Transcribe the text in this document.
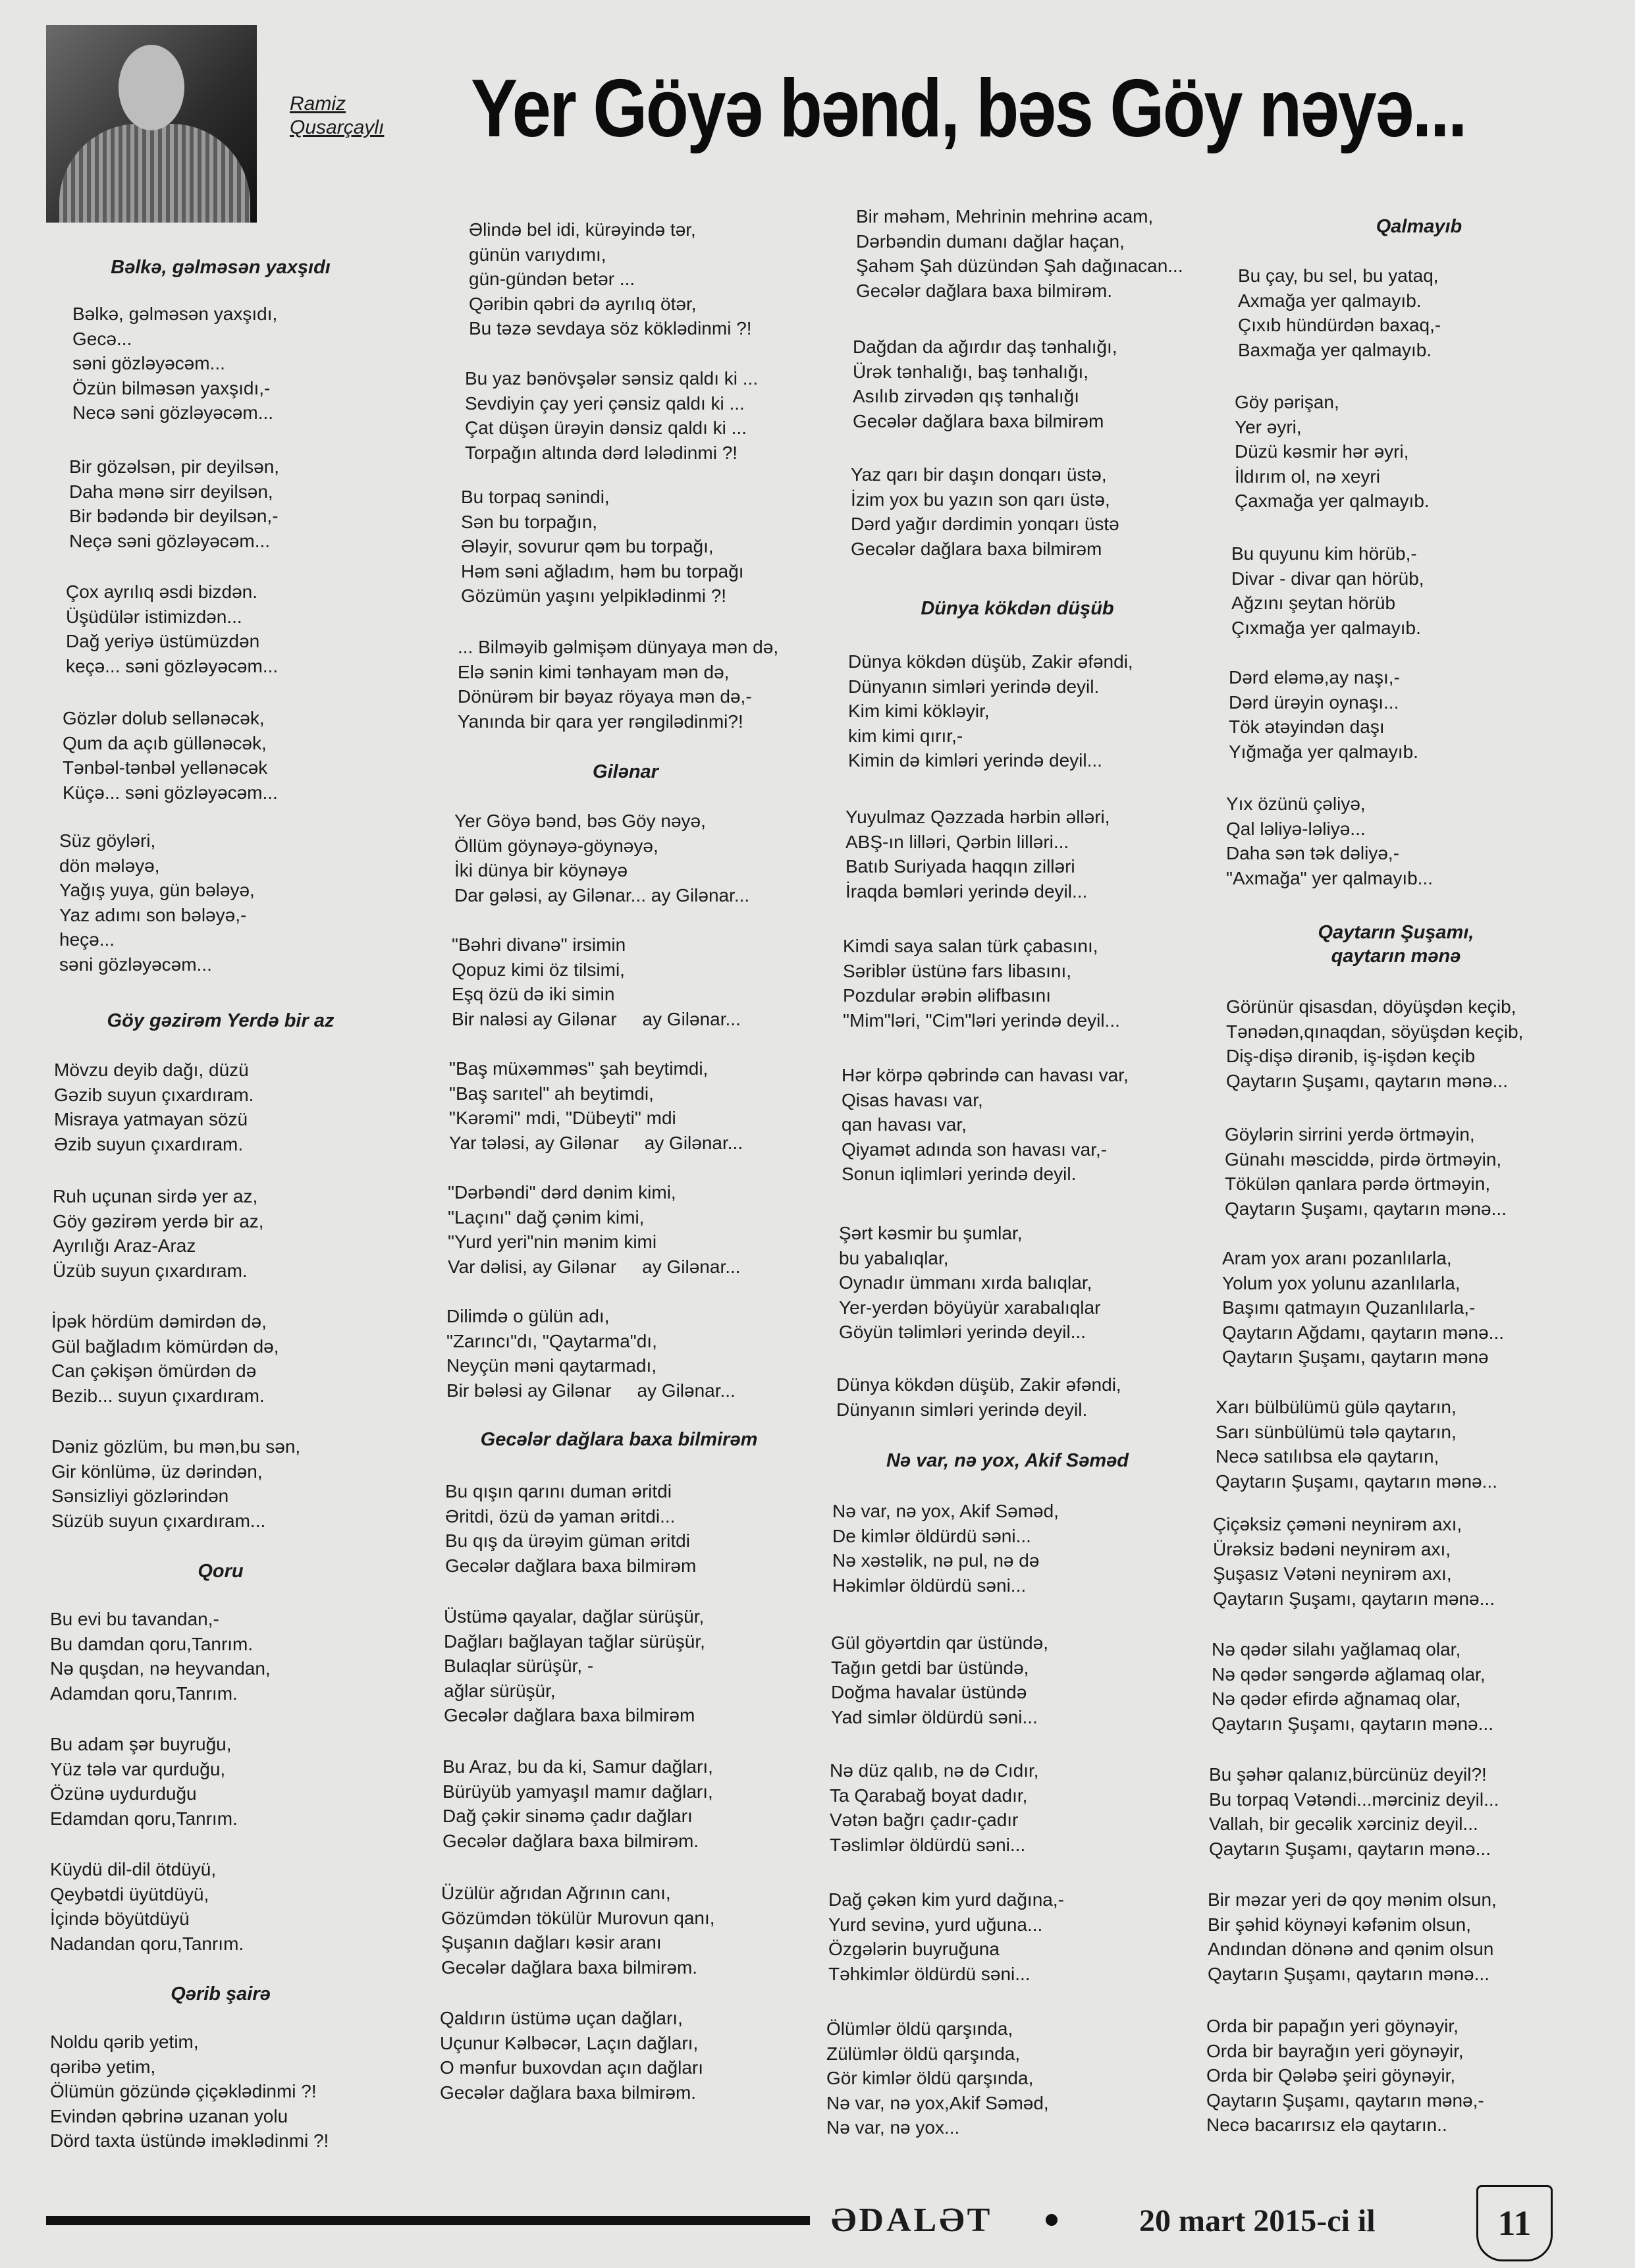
Ramiz
Qusarçaylı Yer Göyə bənd, bəs Göy nəyə...
Bəlkə, gəlməsən yaxşıdı
Bəlkə, gəlməsən yaxşıdı,
Gecə...
səni gözləyəcəm...
Özün bilməsən yaxşıdı,-
Necə səni gözləyəcəm...
Bir gözəlsən, pir deyilsən,
Daha mənə sirr deyilsən,
Bir bədəndə bir deyilsən,-
Neçə səni gözləyəcəm...
Çox ayrılıq əsdi bizdən.
Üşüdülər istimizdən...
Dağ yeriyə üstümüzdən
keçə... səni gözləyəcəm...
Gözlər dolub sellənəcək,
Qum da açıb güllənəcək,
Tənbəl-tənbəl yellənəcək
Küçə... səni gözləyəcəm...
Süz göyləri,
dön mələyə,
Yağış yuya, gün bələyə,
Yaz adımı son bələyə,-
heçə...
səni gözləyəcəm...
Göy gəzirəm Yerdə bir az
Mövzu deyib dağı, düzü
Gəzib suyun çıxardıram.
Misraya yatmayan sözü
Əzib suyun çıxardıram.
Ruh uçunan sirdə yer az,
Göy gəzirəm yerdə bir az,
Ayrılığı Araz-Araz
Üzüb suyun çıxardıram.
İpək hördüm dəmirdən də,
Gül bağladım kömürdən də,
Can çəkişən ömürdən də
Bezib... suyun çıxardıram.
Dəniz gözlüm, bu mən,bu sən,
Gir könlümə, üz dərindən,
Sənsizliyi gözlərindən
Süzüb suyun çıxardıram...
Qoru
Bu evi bu tavandan,-
Bu damdan qoru,Tanrım.
Nə quşdan, nə heyvandan,
Adamdan qoru,Tanrım.
Bu adam şər buyruğu,
Yüz tələ var qurduğu,
Özünə uydurduğu
Edamdan qoru,Tanrım.
Küydü dil-dil ötdüyü,
Qeybətdi üyütdüyü,
İçində böyütdüyü
Nadandan qoru,Tanrım.
Qərib şairə
Noldu qərib yetim,
qəribə yetim,
Ölümün gözündə çiçəklədinmi ?!
Evindən qəbrinə uzanan yolu
Dörd taxta üstündə iməklədinmi ?!
Əlində bel idi, kürəyində tər,
günün varıydımı,
gün-gündən betər ...
Qəribin qəbri də ayrılıq ötər,
Bu təzə sevdaya söz köklədinmi ?!
Bu yaz bənövşələr sənsiz qaldı ki ...
Sevdiyin çay yeri çənsiz qaldı ki ...
Çat düşən ürəyin dənsiz qaldı ki ...
Torpağın altında dərd lələdinmi ?!
Bu torpaq sənindi,
Sən bu torpağın,
Ələyir, sovurur qəm bu torpağı,
Həm səni ağladım, həm bu torpağı
Gözümün yaşını yelpiklədinmi ?!
... Bilməyib gəlmişəm dünyaya mən də,
Elə sənin kimi tənhayam mən də,
Dönürəm bir bəyaz röyaya mən də,-
Yanında bir qara yer rəngilədinmi?!
Gilənar
Yer Göyə bənd, bəs Göy nəyə,
Öllüm göynəyə-göynəyə,
İki dünya bir köynəyə
Dar gələsi, ay Gilənar... ay Gilənar...
"Bəhri divanə" irsimin
Qopuz kimi öz tilsimi,
Eşq özü də iki simin
Bir naləsi ay Gilənar     ay Gilənar...
"Baş müxəmməs" şah beytimdi,
"Baş sarıtel" ah beytimdi,
"Kərəmi" mdi, "Dübeyti" mdi
Yar tələsi, ay Gilənar     ay Gilənar...
"Dərbəndi" dərd dənim kimi,
"Laçını" dağ çənim kimi,
"Yurd yeri"nin mənim kimi
Var dəlisi, ay Gilənar     ay Gilənar...
Dilimdə o gülün adı,
"Zarıncı"dı, "Qaytarma"dı,
Neyçün məni qaytarmadı,
Bir bələsi ay Gilənar     ay Gilənar...
Gecələr dağlara baxa bilmirəm
Bu qışın qarını duman əritdi
Əritdi, özü də yaman əritdi...
Bu qış da ürəyim güman əritdi
Gecələr dağlara baxa bilmirəm
Üstümə qayalar, dağlar sürüşür,
Dağları bağlayan tağlar sürüşür,
Bulaqlar sürüşür, -
ağlar sürüşür,
Gecələr dağlara baxa bilmirəm
Bu Araz, bu da ki, Samur dağları,
Bürüyüb yamyaşıl mamır dağları,
Dağ çəkir sinəmə çadır dağları
Gecələr dağlara baxa bilmirəm.
Üzülür ağrıdan Ağrının canı,
Gözümdən tökülür Murovun qanı,
Şuşanın dağları kəsir aranı
Gecələr dağlara baxa bilmirəm.
Qaldırın üstümə uçan dağları,
Uçunur Kəlbəcər, Laçın dağları,
O mənfur buxovdan açın dağları
Gecələr dağlara baxa bilmirəm.
Bir məhəm, Mehrinin mehrinə acam,
Dərbəndin dumanı dağlar haçan,
Şahəm Şah düzündən Şah dağınacan...
Gecələr dağlara baxa bilmirəm.
Dağdan da ağırdır daş tənhalığı,
Ürək tənhalığı, baş tənhalığı,
Asılıb zirvədən qış tənhalığı
Gecələr dağlara baxa bilmirəm
Yaz qarı bir daşın donqarı üstə,
İzim yox bu yazın son qarı üstə,
Dərd yağır dərdimin yonqarı üstə
Gecələr dağlara baxa bilmirəm
Dünya kökdən düşüb
Dünya kökdən düşüb, Zakir əfəndi,
Dünyanın simləri yerində deyil.
Kim kimi kökləyir,
kim kimi qırır,-
Kimin də kimləri yerində deyil...
Yuyulmaz Qəzzada hərbin əlləri,
ABŞ-ın lilləri, Qərbin lilləri...
Batıb Suriyada haqqın zilləri
İraqda bəmləri yerində deyil...
Kimdi saya salan türk çabasını,
Səriblər üstünə fars libasını,
Pozdular ərəbin əlifbasını
"Mim"ləri, "Cim"ləri yerində deyil...
Hər körpə qəbrində can havası var,
Qisas havası var,
qan havası var,
Qiyamət adında son havası var,-
Sonun iqlimləri yerində deyil.
Şərt kəsmir bu şumlar,
bu yabalıqlar,
Oynadır ümmanı xırda balıqlar,
Yer-yerdən böyüyür xarabalıqlar
Göyün təlimləri yerində deyil...
Dünya kökdən düşüb, Zakir əfəndi,
Dünyanın simləri yerində deyil.
Nə var, nə yox, Akif Səməd
Nə var, nə yox, Akif Səməd,
De kimlər öldürdü səni...
Nə xəstəlik, nə pul, nə də
Həkimlər öldürdü səni...
Gül göyərtdin qar üstündə,
Tağın getdi bar üstündə,
Doğma havalar üstündə
Yad simlər öldürdü səni...
Nə düz qalıb, nə də Cıdır,
Ta Qarabağ boyat dadır,
Vətən bağrı çadır-çadır
Təslimlər öldürdü səni...
Dağ çəkən kim yurd dağına,-
Yurd sevinə, yurd uğuna...
Özgələrin buyruğuna
Təhkimlər öldürdü səni...
Ölümlər öldü qarşında,
Zülümlər öldü qarşında,
Gör kimlər öldü qarşında,
Nə var, nə yox,Akif Səməd,
Nə var, nə yox...
Qalmayıb
Bu çay, bu sel, bu yataq,
Axmağa yer qalmayıb.
Çıxıb hündürdən baxaq,-
Baxmağa yer qalmayıb.
Göy pərişan,
Yer əyri,
Düzü kəsmir hər əyri,
İldırım ol, nə xeyri
Çaxmağa yer qalmayıb.
Bu quyunu kim hörüb,-
Divar - divar qan hörüb,
Ağzını şeytan hörüb
Çıxmağa yer qalmayıb.
Dərd eləmə,ay naşı,-
Dərd ürəyin oynaşı...
Tök ətəyindən daşı
Yığmağa yer qalmayıb.
Yıx özünü çəliyə,
Qal ləliyə-ləliyə...
Daha sən tək dəliyə,-
"Axmağa" yer qalmayıb...
Qaytarın Şuşamı,
qaytarın mənə
Görünür qisasdan, döyüşdən keçib,
Tənədən,qınaqdan, söyüşdən keçib,
Diş-dişə dirənib, iş-işdən keçib
Qaytarın Şuşamı, qaytarın mənə...
Göylərin sirrini yerdə örtməyin,
Günahı məsciddə, pirdə örtməyin,
Tökülən qanlara pərdə örtməyin,
Qaytarın Şuşamı, qaytarın mənə...
Aram yox aranı pozanlılarla,
Yolum yox yolunu azanlılarla,
Başımı qatmayın Quzanlılarla,-
Qaytarın Ağdamı, qaytarın mənə...
Qaytarın Şuşamı, qaytarın mənə
Xarı bülbülümü gülə qaytarın,
Sarı sünbülümü tələ qaytarın,
Necə satılıbsa elə qaytarın,
Qaytarın Şuşamı, qaytarın mənə...
Çiçəksiz çəməni neynirəm axı,
Ürəksiz bədəni neynirəm axı,
Şuşasız Vətəni neynirəm axı,
Qaytarın Şuşamı, qaytarın mənə...
Nə qədər silahı yağlamaq olar,
Nə qədər səngərdə ağlamaq olar,
Nə qədər efirdə ağnamaq olar,
Qaytarın Şuşamı, qaytarın mənə...
Bu şəhər qalanız,bürcünüz deyil?!
Bu torpaq Vətəndi...mərciniz deyil...
Vallah, bir gecəlik xərciniz deyil...
Qaytarın Şuşamı, qaytarın mənə...
Bir məzar yeri də qoy mənim olsun,
Bir şəhid köynəyi kəfənim olsun,
Andından dönənə and qənim olsun
Qaytarın Şuşamı, qaytarın mənə...
Orda bir papağın yeri göynəyir,
Orda bir bayrağın yeri göynəyir,
Orda bir Qələbə şeiri göynəyir,
Qaytarın Şuşamı, qaytarın mənə,-
Necə bacarırsız elə qaytarın..
ƏDALƏT	20 mart 2015-ci il	11
